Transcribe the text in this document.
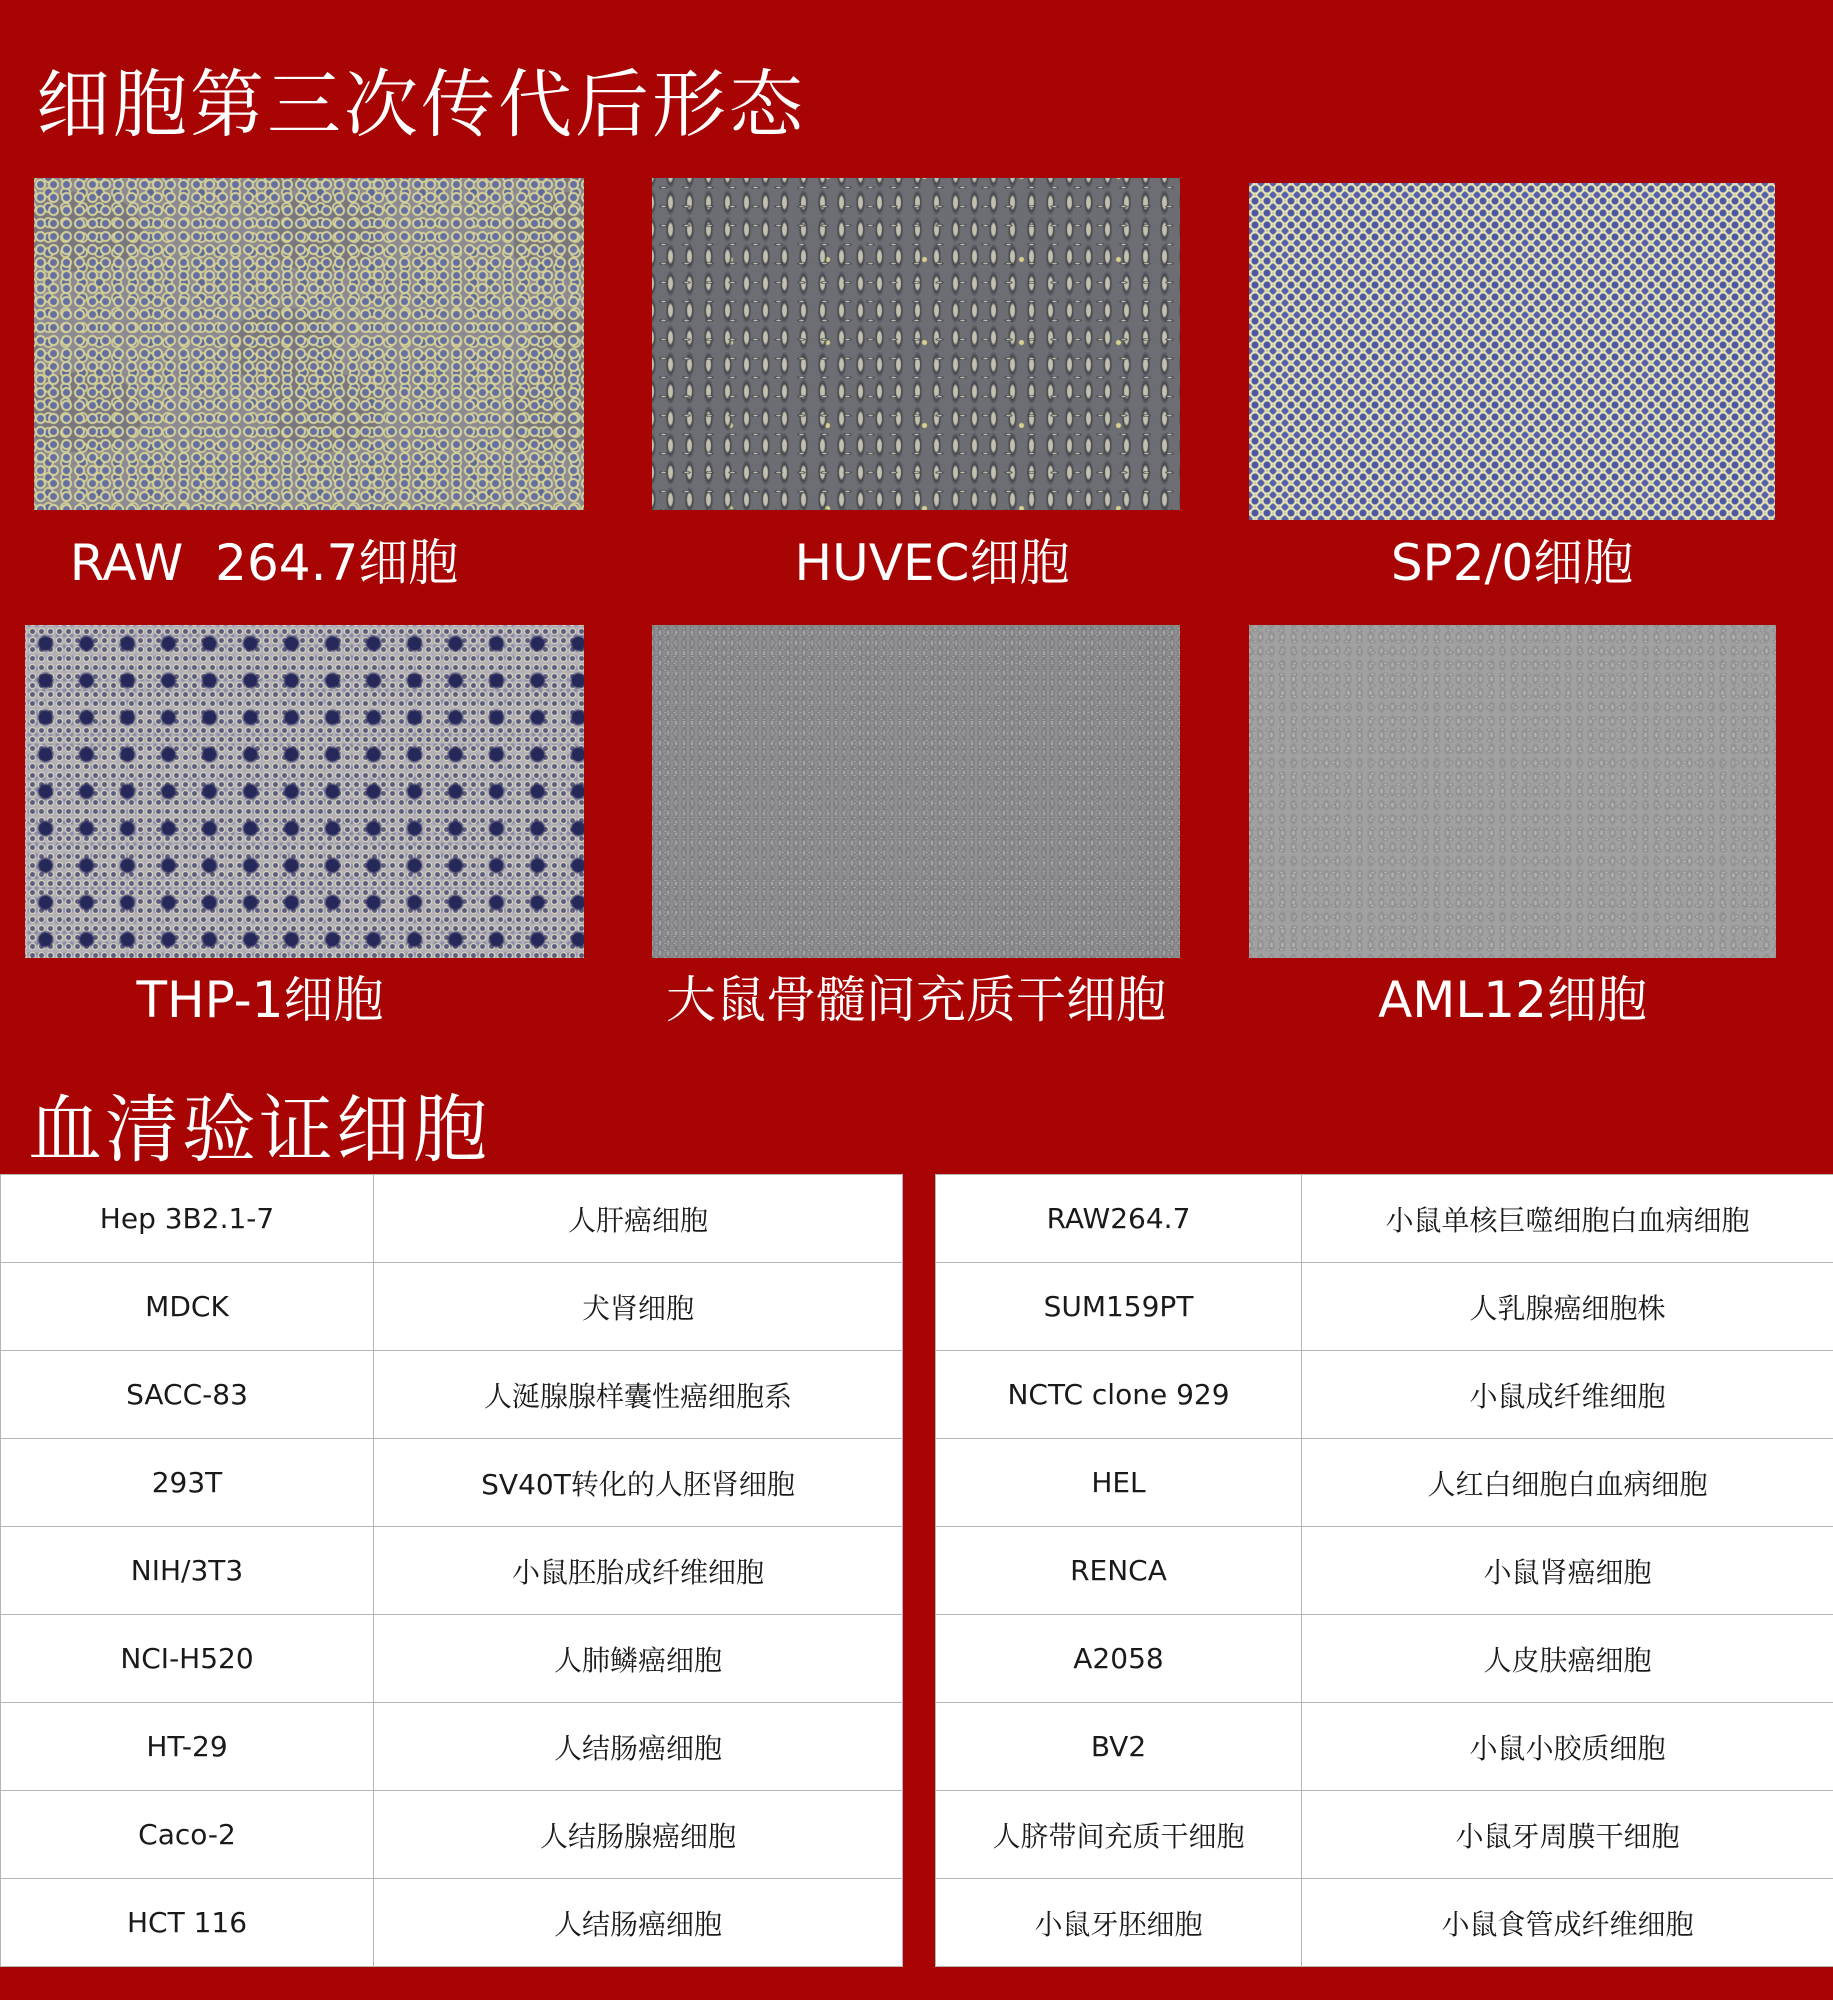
细胞第三次传代后形态
RAW  264.7细胞	HUVEC细胞	SP2/0细胞
THP-1细胞	大鼠骨髓间充质干细胞	AML12细胞
血清验证细胞
Hep 3B2.1-7	人肝癌细胞
MDCK	犬肾细胞
SACC-83	人涎腺腺样囊性癌细胞系
293T	SV40T转化的人胚肾细胞
NIH/3T3	小鼠胚胎成纤维细胞
NCI-H520	人肺鳞癌细胞
HT-29	人结肠癌细胞
Caco-2	人结肠腺癌细胞
HCT 116	人结肠癌细胞
RAW264.7	小鼠单核巨噬细胞白血病细胞
SUM159PT	人乳腺癌细胞株
NCTC clone 929	小鼠成纤维细胞
HEL	人红白细胞白血病细胞
RENCA	小鼠肾癌细胞
A2058	人皮肤癌细胞
BV2	小鼠小胶质细胞
人脐带间充质干细胞	小鼠牙周膜干细胞
小鼠牙胚细胞	小鼠食管成纤维细胞
